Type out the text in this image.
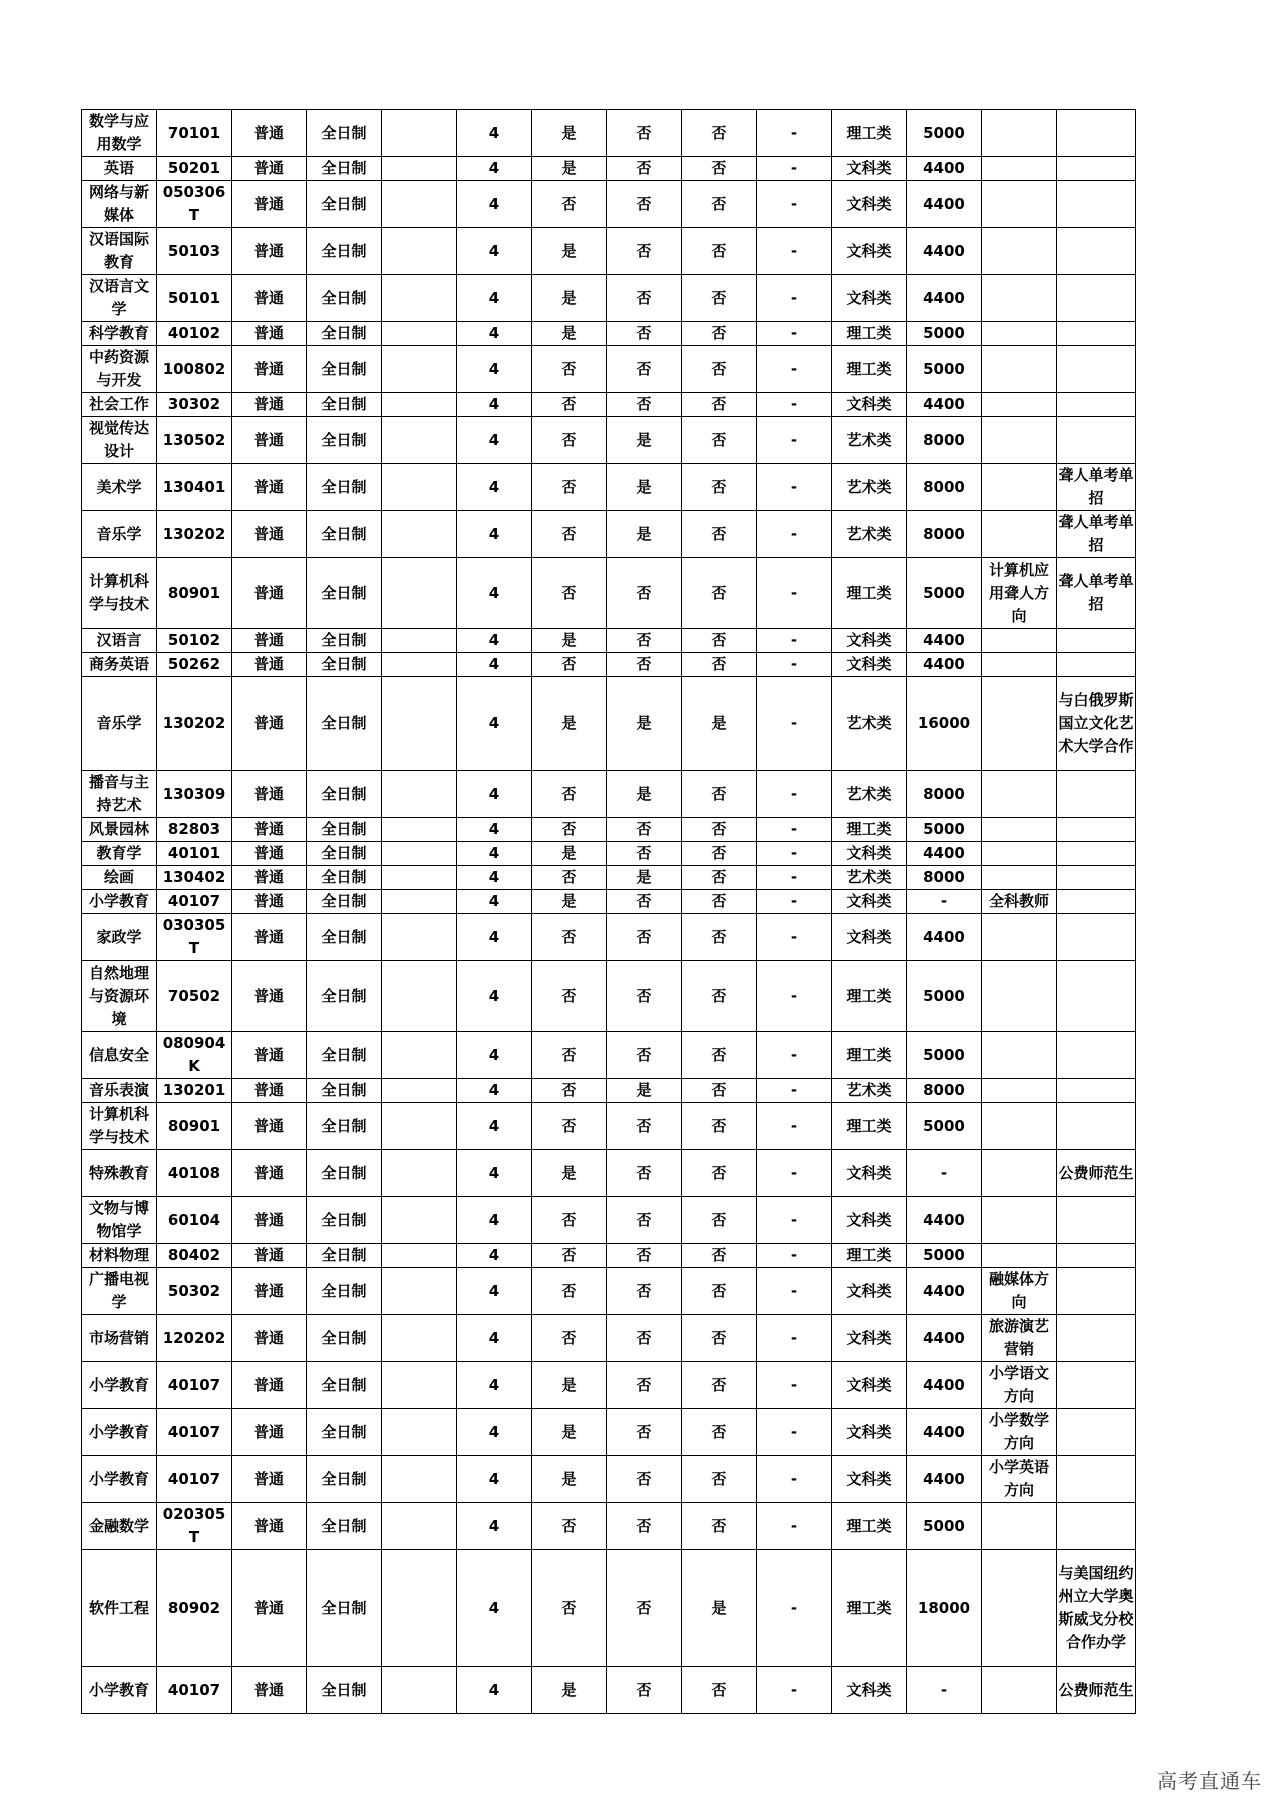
数学与应用数学	70101	普通	全日制		4	是	否	否	-	理工类	5000		
英语	50201	普通	全日制		4	是	否	否	-	文科类	4400		
网络与新媒体	050306T	普通	全日制		4	否	否	否	-	文科类	4400		
汉语国际教育	50103	普通	全日制		4	是	否	否	-	文科类	4400		
汉语言文学	50101	普通	全日制		4	是	否	否	-	文科类	4400		
科学教育	40102	普通	全日制		4	是	否	否	-	理工类	5000		
中药资源与开发	100802	普通	全日制		4	否	否	否	-	理工类	5000		
社会工作	30302	普通	全日制		4	否	否	否	-	文科类	4400		
视觉传达设计	130502	普通	全日制		4	否	是	否	-	艺术类	8000		
美术学	130401	普通	全日制		4	否	是	否	-	艺术类	8000		聋人单考单招
音乐学	130202	普通	全日制		4	否	是	否	-	艺术类	8000		聋人单考单招
计算机科学与技术	80901	普通	全日制		4	否	否	否	-	理工类	5000	计算机应用聋人方向	聋人单考单招
汉语言	50102	普通	全日制		4	是	否	否	-	文科类	4400		
商务英语	50262	普通	全日制		4	否	否	否	-	文科类	4400		
音乐学	130202	普通	全日制		4	是	是	是	-	艺术类	16000		与白俄罗斯国立文化艺术大学合作
播音与主持艺术	130309	普通	全日制		4	否	是	否	-	艺术类	8000		
风景园林	82803	普通	全日制		4	否	否	否	-	理工类	5000		
教育学	40101	普通	全日制		4	是	否	否	-	文科类	4400		
绘画	130402	普通	全日制		4	否	是	否	-	艺术类	8000		
小学教育	40107	普通	全日制		4	是	否	否	-	文科类	-	全科教师	
家政学	030305T	普通	全日制		4	否	否	否	-	文科类	4400		
自然地理与资源环境	70502	普通	全日制		4	否	否	否	-	理工类	5000		
信息安全	080904K	普通	全日制		4	否	否	否	-	理工类	5000		
音乐表演	130201	普通	全日制		4	否	是	否	-	艺术类	8000		
计算机科学与技术	80901	普通	全日制		4	否	否	否	-	理工类	5000		
特殊教育	40108	普通	全日制		4	是	否	否	-	文科类	-		公费师范生
文物与博物馆学	60104	普通	全日制		4	否	否	否	-	文科类	4400		
材料物理	80402	普通	全日制		4	否	否	否	-	理工类	5000		
广播电视学	50302	普通	全日制		4	否	否	否	-	文科类	4400	融媒体方向	
市场营销	120202	普通	全日制		4	否	否	否	-	文科类	4400	旅游演艺营销	
小学教育	40107	普通	全日制		4	是	否	否	-	文科类	4400	小学语文方向	
小学教育	40107	普通	全日制		4	是	否	否	-	文科类	4400	小学数学方向	
小学教育	40107	普通	全日制		4	是	否	否	-	文科类	4400	小学英语方向	
金融数学	020305T	普通	全日制		4	否	否	否	-	理工类	5000		
软件工程	80902	普通	全日制		4	否	否	是	-	理工类	18000		与美国纽约州立大学奥斯威戈分校合作办学
小学教育	40107	普通	全日制		4	是	否	否	-	文科类	-		公费师范生
高考直通车
